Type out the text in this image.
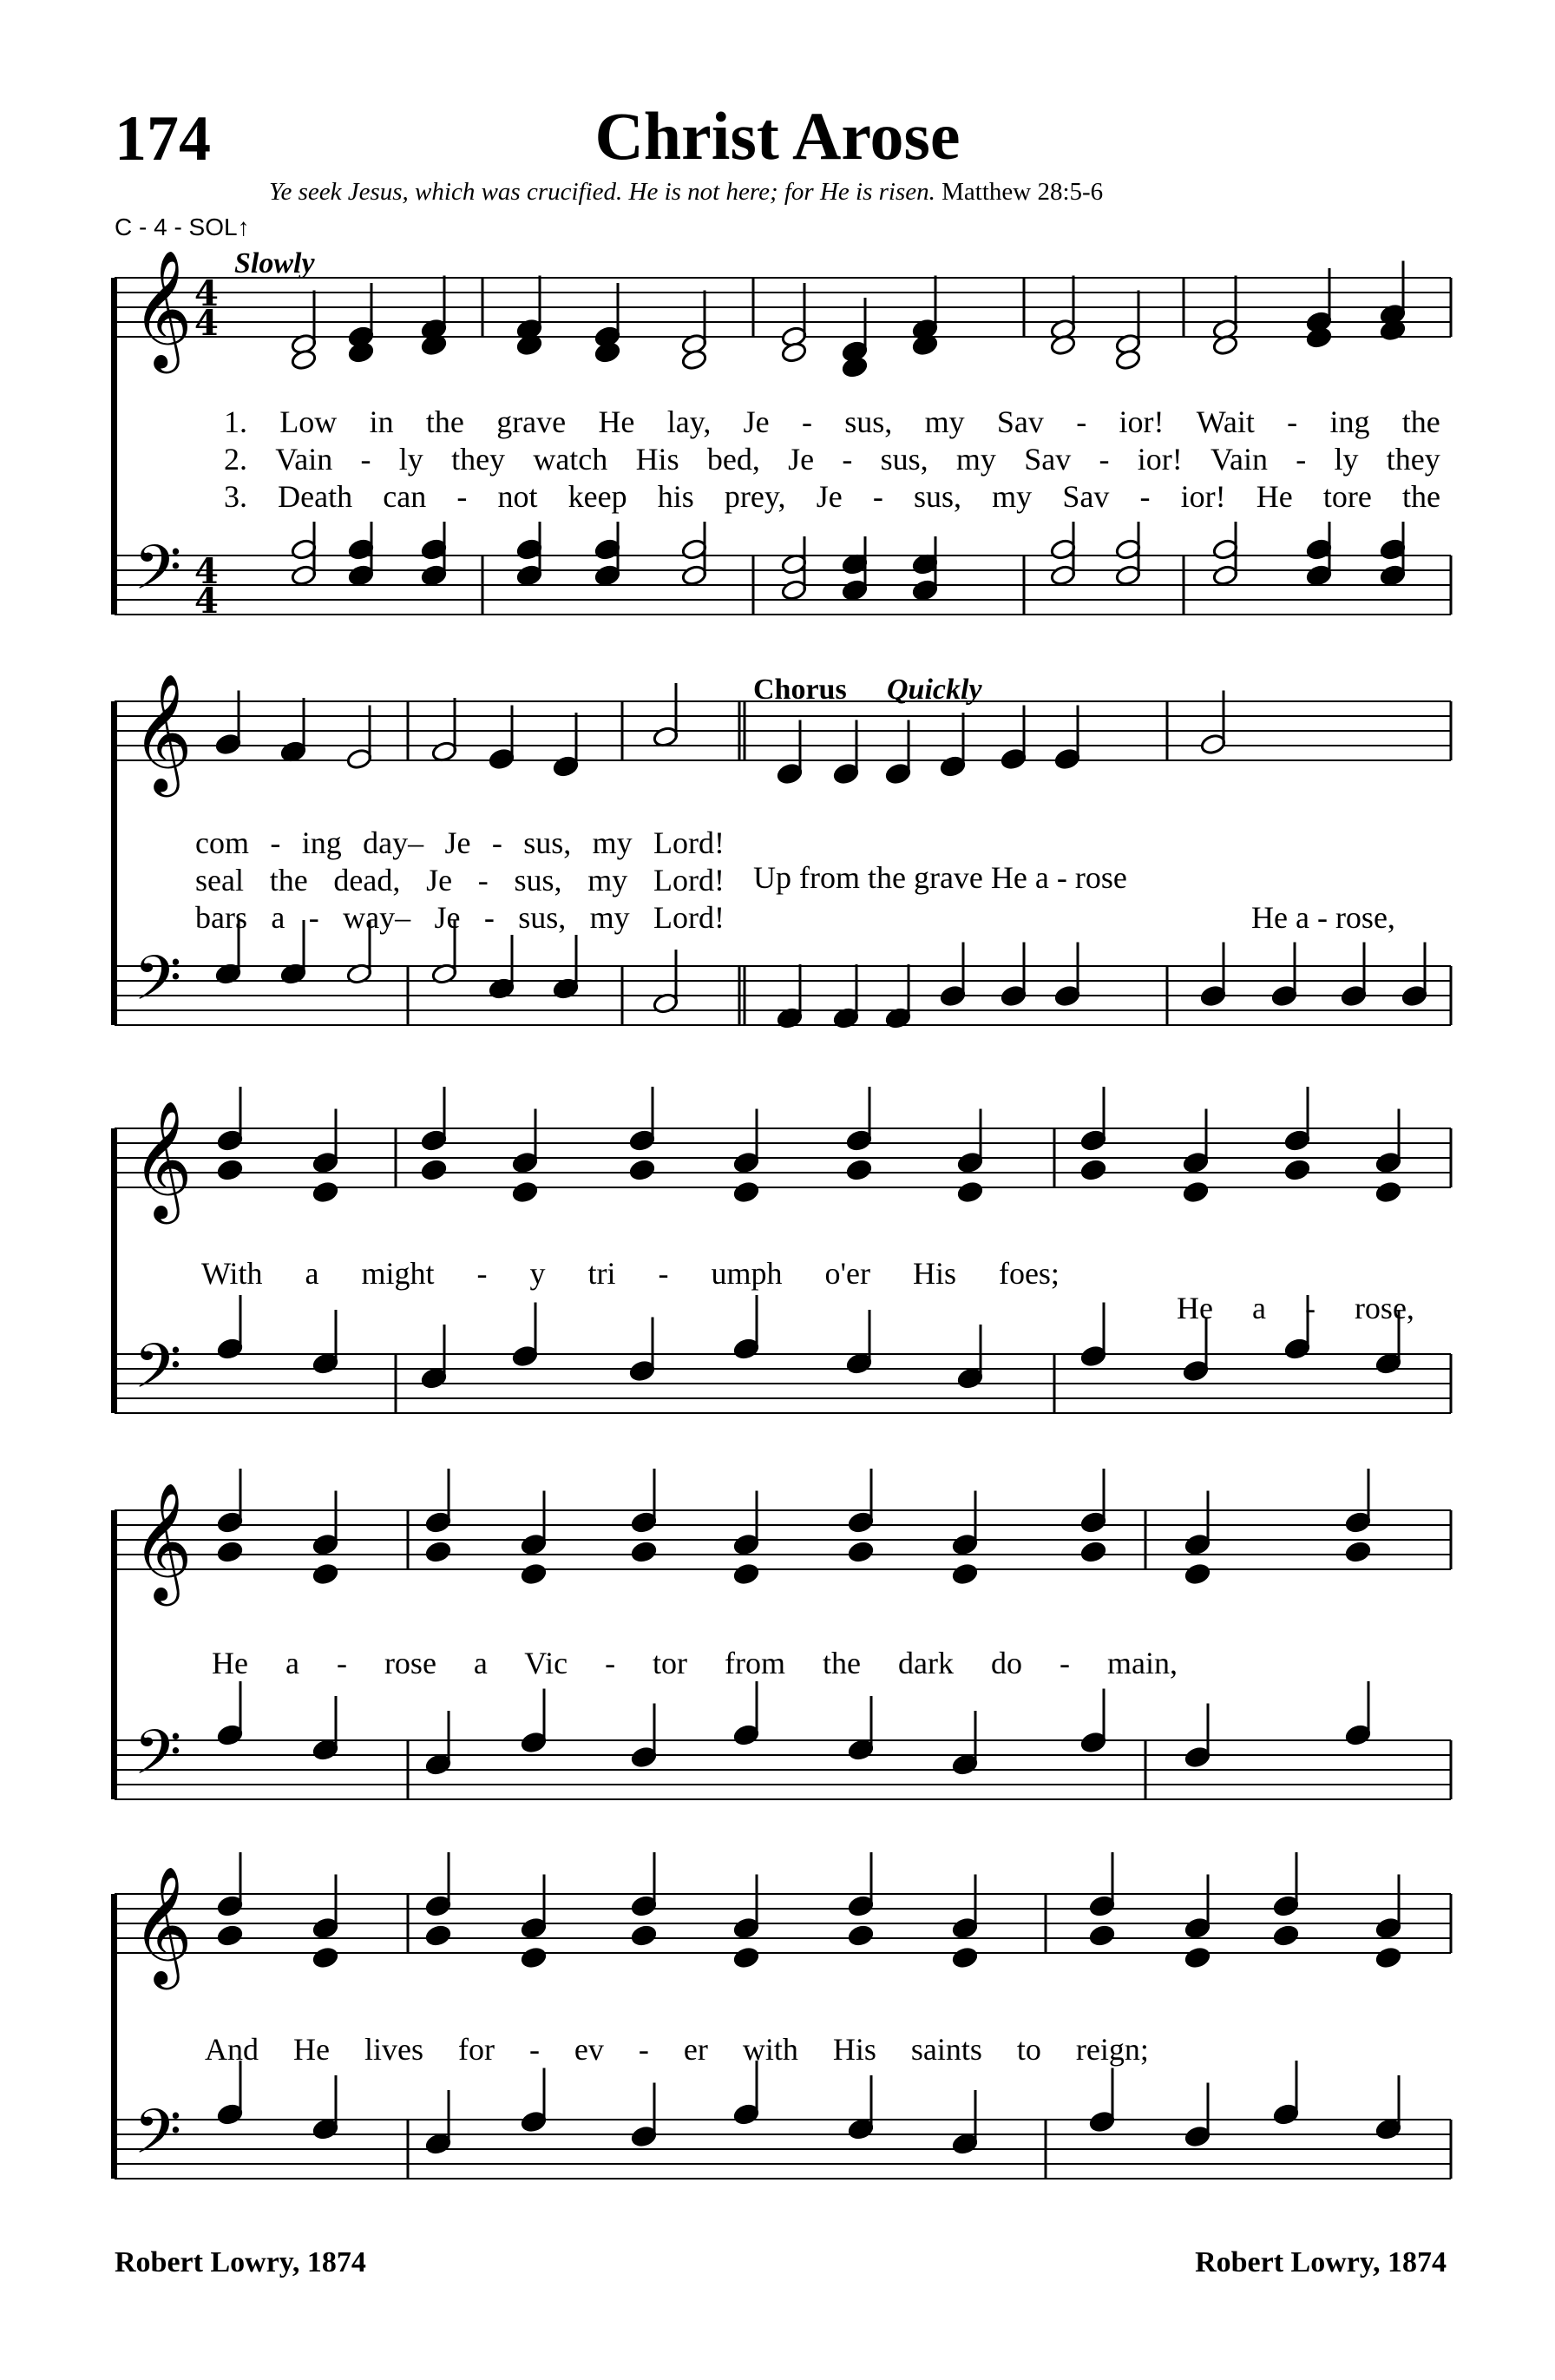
174	Christ Arose
Ye seek Jesus, which was crucified. He is not here; for He is risen. Matthew 28:5-6
C - 4 - SOL↑
𝄞
𝄢
4
4
4
4
𝄞
𝄢
𝄞
𝄢
𝄞
𝄢
𝄞
𝄢
Slowly
Chorus Quickly
1. Low in the grave He lay, Je - sus, my Sav - ior! Wait - ing the
2. Vain - ly they watch His bed, Je - sus, my Sav - ior! Vain - ly they
3. Death can - not keep his prey, Je - sus, my Sav - ior! He tore the
com - ing day– Je - sus, my Lord!
seal the dead, Je - sus, my Lord!
bars a - way– Je - sus, my Lord!
Up from the grave He a - rose
He a - rose,
With a might - y tri - umph o'er His foes;
He a - rose,
He a - rose a Vic - tor from the dark do - main,
And He lives for - ev - er with His saints to reign;
Robert Lowry, 1874	Robert Lowry, 1874
